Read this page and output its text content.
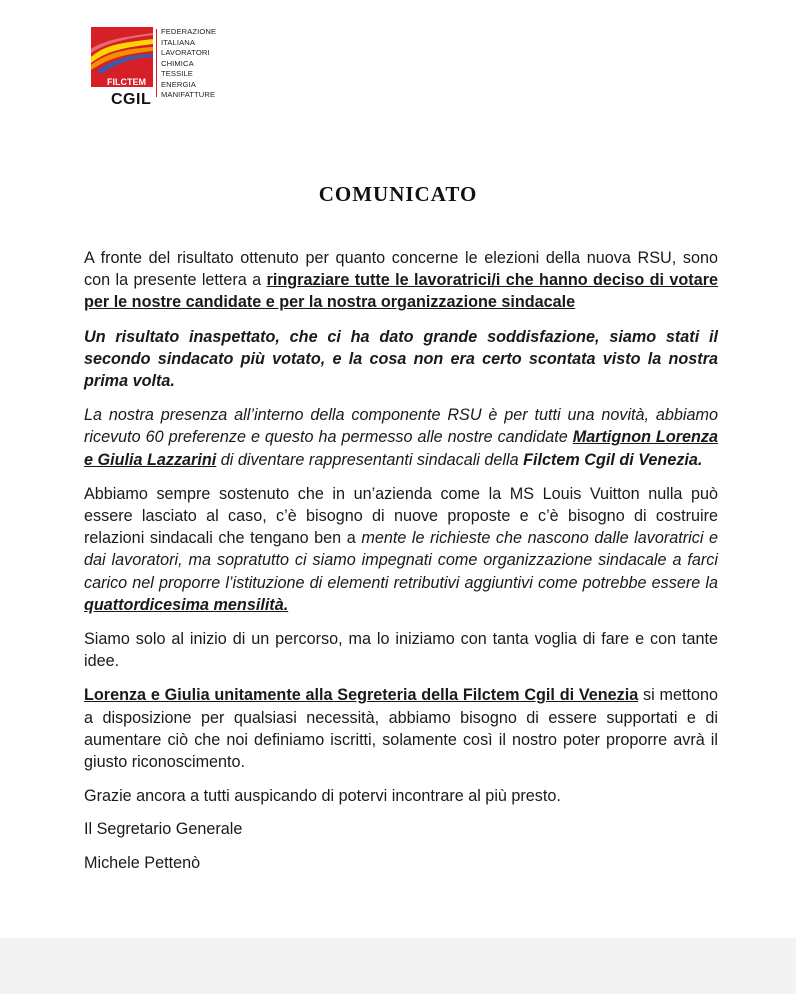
FILCTEM
CGIL
FEDERAZIONE
ITALIANA
LAVORATORI
CHIMICA
TESSILE
ENERGIA
MANIFATTURE
COMUNICATO

A fronte del risultato ottenuto per quanto concerne le elezioni della nuova RSU, sono con la presente lettera a ringraziare tutte le lavoratrici/i che hanno deciso di votare per le nostre candidate e per la nostra organizzazione sindacale

Un risultato inaspettato, che ci ha dato grande soddisfazione, siamo stati il secondo sindacato più votato, e la cosa non era certo scontata visto la nostra prima volta.

La nostra presenza all’interno della componente RSU è per tutti una novità, abbiamo ricevuto 60 preferenze e questo ha permesso alle nostre candidate Martignon Lorenza e Giulia Lazzarini di diventare rappresentanti sindacali della Filctem Cgil di Venezia.

Abbiamo sempre sostenuto che in un’azienda come la MS Louis Vuitton nulla può essere lasciato al caso, c’è bisogno di nuove proposte e c’è bisogno di costruire relazioni sindacali che tengano ben a mente le richieste che nascono dalle lavoratrici e dai lavoratori, ma sopratutto ci siamo impegnati come organizzazione sindacale a farci carico nel proporre l’istituzione di elementi retributivi aggiuntivi come potrebbe essere la quattordicesima mensilità.

Siamo solo al inizio di un percorso, ma lo iniziamo con tanta voglia di fare e con tante idee.

Lorenza e Giulia unitamente alla Segreteria della Filctem Cgil di Venezia si mettono a disposizione per qualsiasi necessità, abbiamo bisogno di essere supportati e di aumentare ciò che noi definiamo iscritti, solamente così il nostro poter proporre avrà il giusto riconoscimento.

Grazie ancora a tutti auspicando di potervi incontrare al più presto.
Il Segretario Generale
Michele Pettenò
